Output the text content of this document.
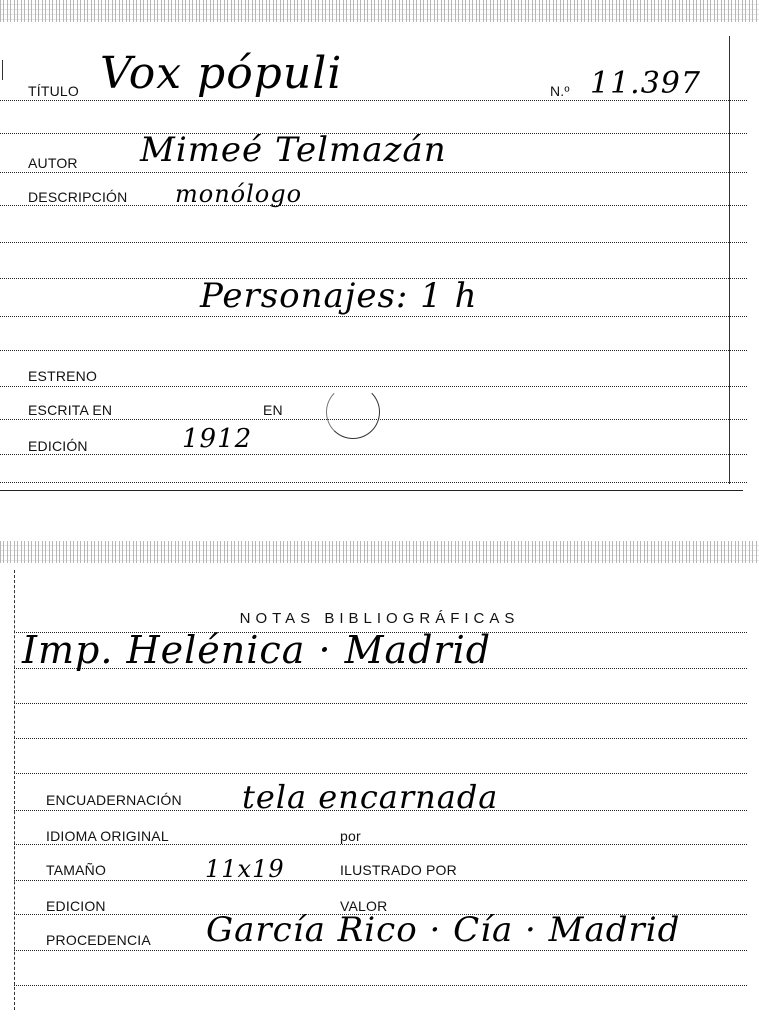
TÍTULO Vox pópuli	N.º 11.397
AUTOR Mimeé Telmazán
DESCRIPCIÓN monólogo
Personajes: 1 h
ESTRENO
ESCRITA EN	EN
EDICIÓN	1912
NOTAS BIBLIOGRÁFICAS
Imp. Helénica · Madrid
ENCUADERNACIÓN tela encarnada
IDIOMA ORIGINAL	por
TAMAÑO	11x19	ILUSTRADO POR
EDICION	VALOR
PROCEDENCIA García Rico · Cía · Madrid
